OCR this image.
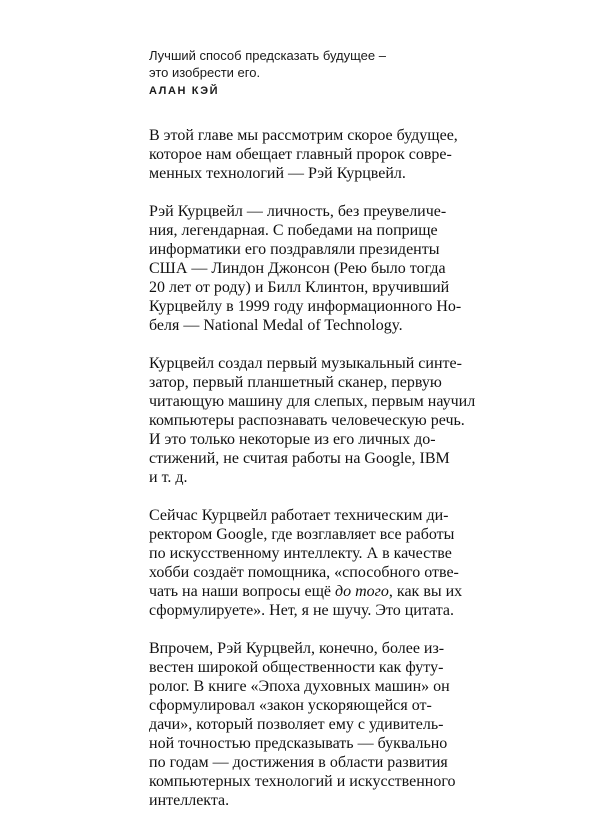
Лучший способ предсказать будущее –
это изобрести его.
АЛАН КЭЙ

В этой главе мы рассмотрим скорое будущее,
которое нам обещает главный пророк совре-
менных технологий — Рэй Курцвейл.

Рэй Курцвейл — личность, без преувеличе-
ния, легендарная. С победами на поприще
информатики его поздравляли президенты
США — Линдон Джонсон (Рею было тогда
20 лет от роду) и Билл Клинтон, вручивший
Курцвейлу в 1999 году информационного Но-
беля — National Medal of Technology.

Курцвейл создал первый музыкальный синте-
затор, первый планшетный сканер, первую
читающую машину для слепых, первым научил
компьютеры распознавать человеческую речь.
И это только некоторые из его личных до-
стижений, не считая работы на Google, IBM
и т. д.

Сейчас Курцвейл работает техническим ди-
ректором Google, где возглавляет все работы
по искусственному интеллекту. А в качестве
хобби создаёт помощника, «способного отве-
чать на наши вопросы ещё до того, как вы их
сформулируете». Нет, я не шучу. Это цитата.

Впрочем, Рэй Курцвейл, конечно, более из-
вестен широкой общественности как футу-
ролог. В книге «Эпоха духовных машин» он
сформулировал «закон ускоряющейся от-
дачи», который позволяет ему с удивитель-
ной точностью предсказывать — буквально
по годам — достижения в области развития
компьютерных технологий и искусственного
интеллекта.
